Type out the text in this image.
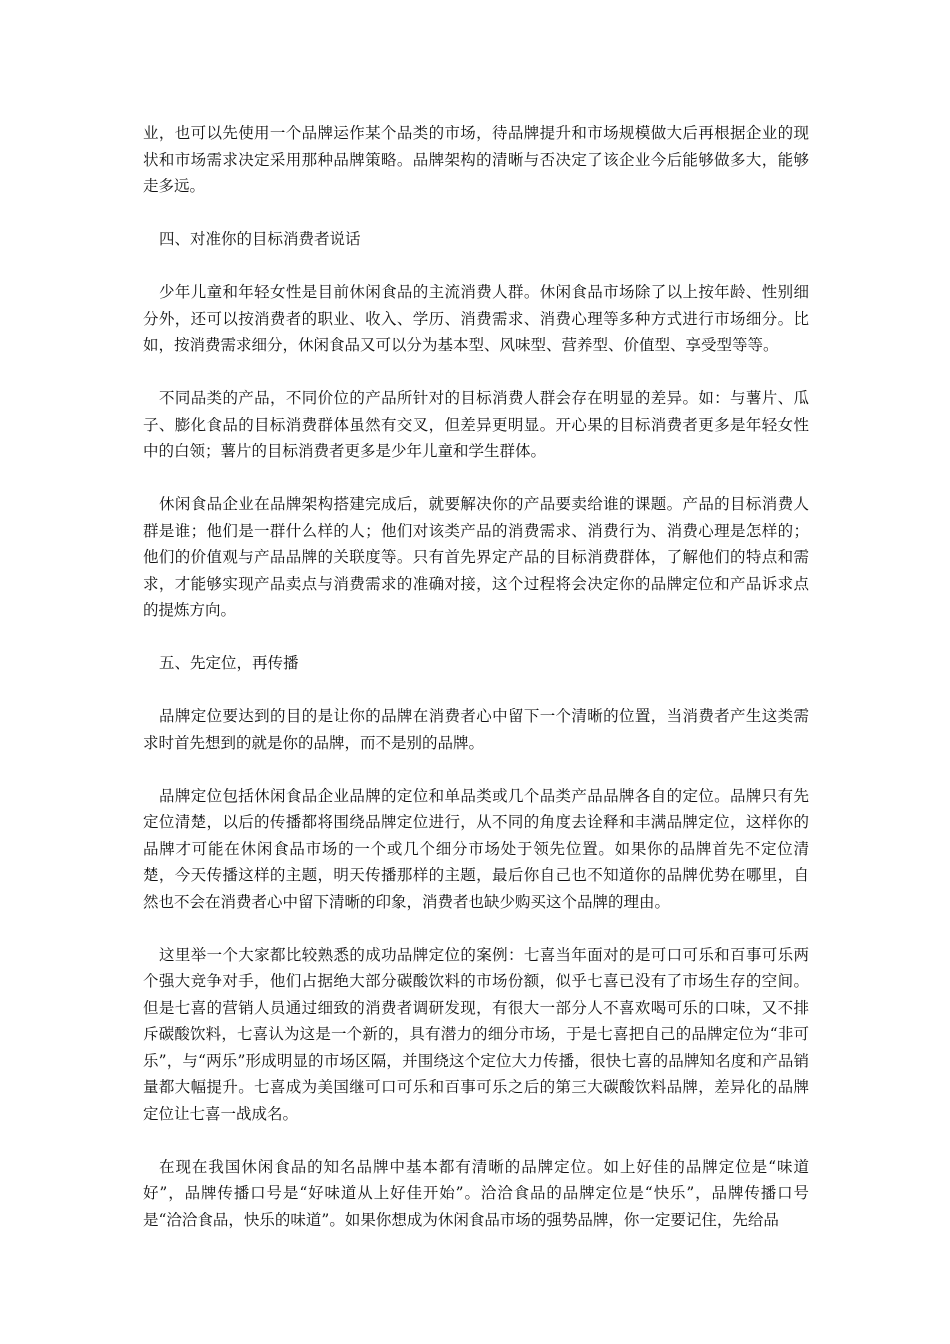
业，也可以先使用一个品牌运作某个品类的市场，待品牌提升和市场规模做大后再根据企业的现状和市场需求决定采用那种品牌策略。品牌架构的清晰与否决定了该企业今后能够做多大，能够走多远。

四、对准你的目标消费者说话

少年儿童和年轻女性是目前休闲食品的主流消费人群。休闲食品市场除了以上按年龄、性别细分外，还可以按消费者的职业、收入、学历、消费需求、消费心理等多种方式进行市场细分。比如，按消费需求细分，休闲食品又可以分为基本型、风味型、营养型、价值型、享受型等等。

不同品类的产品，不同价位的产品所针对的目标消费人群会存在明显的差异。如：与薯片、瓜子、膨化食品的目标消费群体虽然有交叉，但差异更明显。开心果的目标消费者更多是年轻女性中的白领；薯片的目标消费者更多是少年儿童和学生群体。

休闲食品企业在品牌架构搭建完成后，就要解决你的产品要卖给谁的课题。产品的目标消费人群是谁；他们是一群什么样的人；他们对该类产品的消费需求、消费行为、消费心理是怎样的；他们的价值观与产品品牌的关联度等。只有首先界定产品的目标消费群体，了解他们的特点和需求，才能够实现产品卖点与消费需求的准确对接，这个过程将会决定你的品牌定位和产品诉求点的提炼方向。

五、先定位，再传播

品牌定位要达到的目的是让你的品牌在消费者心中留下一个清晰的位置，当消费者产生这类需求时首先想到的就是你的品牌，而不是别的品牌。

品牌定位包括休闲食品企业品牌的定位和单品类或几个品类产品品牌各自的定位。品牌只有先定位清楚，以后的传播都将围绕品牌定位进行，从不同的角度去诠释和丰满品牌定位，这样你的品牌才可能在休闲食品市场的一个或几个细分市场处于领先位置。如果你的品牌首先不定位清楚，今天传播这样的主题，明天传播那样的主题，最后你自己也不知道你的品牌优势在哪里，自然也不会在消费者心中留下清晰的印象，消费者也缺少购买这个品牌的理由。

这里举一个大家都比较熟悉的成功品牌定位的案例：七喜当年面对的是可口可乐和百事可乐两个强大竞争对手，他们占据绝大部分碳酸饮料的市场份额，似乎七喜已没有了市场生存的空间。但是七喜的营销人员通过细致的消费者调研发现，有很大一部分人不喜欢喝可乐的口味，又不排斥碳酸饮料，七喜认为这是一个新的，具有潜力的细分市场，于是七喜把自己的品牌定位为“非可乐”，与“两乐”形成明显的市场区隔，并围绕这个定位大力传播，很快七喜的品牌知名度和产品销量都大幅提升。七喜成为美国继可口可乐和百事可乐之后的第三大碳酸饮料品牌，差异化的品牌定位让七喜一战成名。

在现在我国休闲食品的知名品牌中基本都有清晰的品牌定位。如上好佳的品牌定位是“味道好”，品牌传播口号是“好味道从上好佳开始”。洽洽食品的品牌定位是“快乐”，品牌传播口号是“洽洽食品，快乐的味道”。如果你想成为休闲食品市场的强势品牌，你一定要记住，先给品
